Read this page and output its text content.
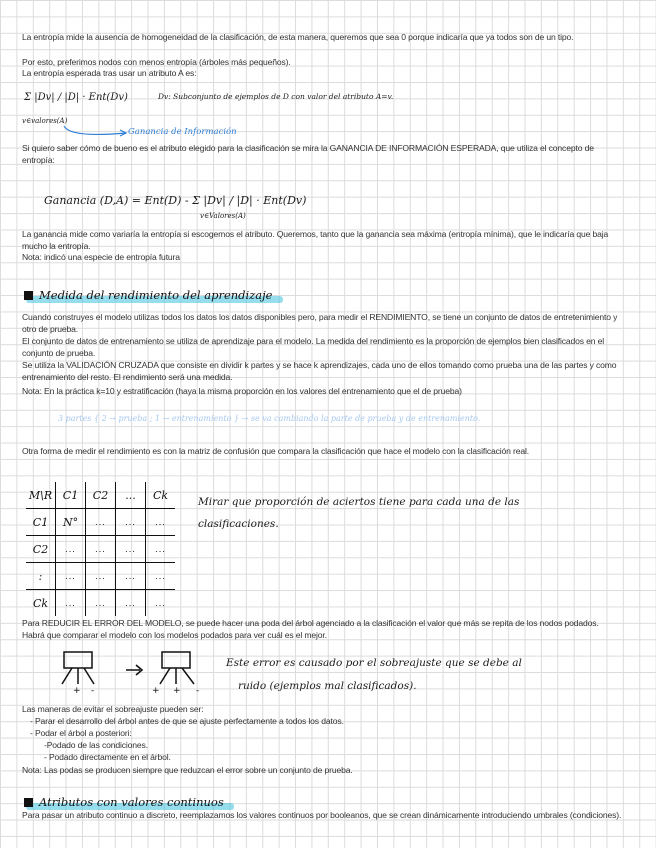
La entropía mide la ausencia de homogeneidad de la clasificación, de esta manera, queremos que sea 0 porque indicaría que ya todos son de un tipo.
Por esto, preferimos nodos con menos entropía (árboles más pequeños).
La entropía esperada tras usar un atributo A es:
Σ |Dv| / |D| · Ent(Dv)
v∈valores(A)
Dv: Subconjunto de ejemplos de D con valor del atributo A=v.
Ganancia de Información
Si quiero saber cómo de bueno es el atributo elegido para la clasificación se mira la GANANCIA DE INFORMACIÓN ESPERADA, que utiliza el concepto de entropía:
Ganancia (D,A) = Ent(D) - Σ |Dv| / |D| · Ent(Dv)
v∈Valores(A)
La ganancia mide como variaría la entropía si escogemos el atributo. Queremos, tanto que la ganancia sea máxima (entropía mínima), que le indicaría que baja mucho la entropía.
Nota: indicó una especie de entropía futura
Medida del rendimiento del aprendizaje
Cuando construyes el modelo utilizas todos los datos los datos disponibles pero, para medir el RENDIMIENTO, se tiene un conjunto de datos de entretenimiento y otro de prueba.
El conjunto de datos de entrenamiento se utiliza de aprendizaje para el modelo. La medida del rendimiento es la proporción de ejemplos bien clasificados en el conjunto de prueba.
Se utiliza la VALIDACIÓN CRUZADA que consiste en dividir k partes y se hace k aprendizajes, cada uno de ellos tomando como prueba una de las partes y como entrenamiento del resto. El rendimiento será una medida.
Nota: En la práctica k=10 y estratificación (haya la misma proporción en los valores del entrenamiento que el de prueba)
3 partes { 2 → prueba ; 1 → entrenamiento } → se va cambiando la parte de prueba y de entrenamiento.
Otra forma de medir el rendimiento es con la matriz de confusión que compara la clasificación que hace el modelo con la clasificación real.
M\R	C1	C2	...	Ck
C1	N°	...	...	...
C2	...	...	...	...
:	...	...	...	...
Ck	...	...	...	...
Mirar que proporción de aciertos tiene para cada una de las
clasificaciones.
Para REDUCIR EL ERROR DEL MODELO, se puede hacer una poda del árbol agenciado a la clasificación el valor que más se repita de los nodos podados. Habrá que comparar el modelo con los modelos podados para ver cuál es el mejor.
+ -	+ + -
Este error es causado por el sobreajuste que se debe al
ruido (ejemplos mal clasificados).
Las maneras de evitar el sobreajuste pueden ser:
- Parar el desarrollo del árbol antes de que se ajuste perfectamente a todos los datos.
- Podar el árbol a posteriori:
-Podado de las condiciones.
- Podado directamente en el árbol.
Nota: Las podas se producen siempre que reduzcan el error sobre un conjunto de prueba.
Atributos con valores continuos
Para pasar un atributo continuo a discreto, reemplazamos los valores continuos por booleanos, que se crean dinámicamente introduciendo umbrales (condiciones).
